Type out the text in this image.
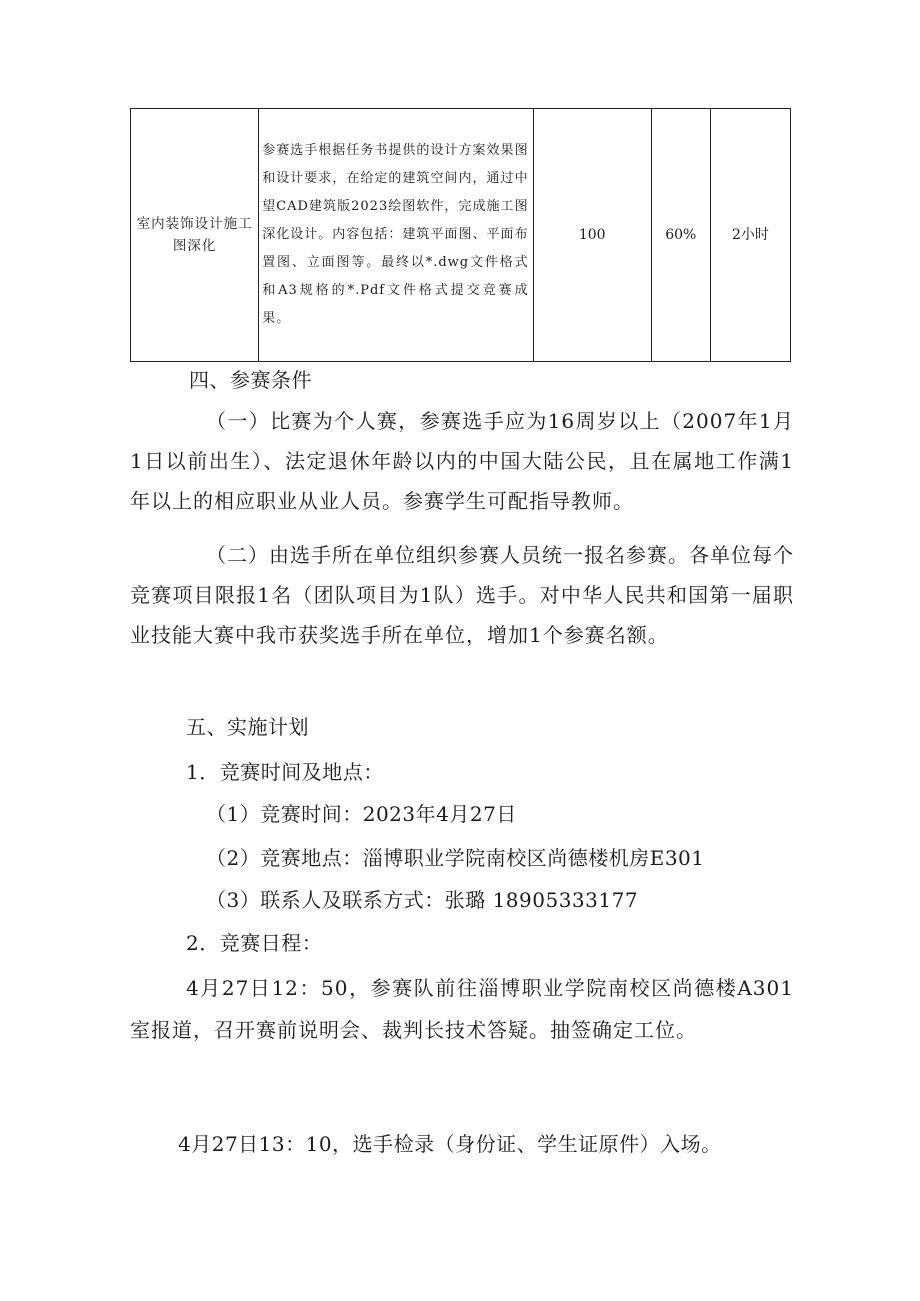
室内装饰设计施工图深化	参赛选手根据任务书提供的设计方案效果图和设计要求，在给定的建筑空间内，通过中望CAD建筑版2023绘图软件，完成施工图深化设计。内容包括：建筑平面图、平面布置图、立面图等。最终以*.dwg文件格式和A3规格的*.Pdf文件格式提交竞赛成果。	100	60%	2小时
四、参赛条件
（一）比赛为个人赛，参赛选手应为16周岁以上（2007年1月1日以前出生）、法定退休年龄以内的中国大陆公民，且在属地工作满1年以上的相应职业从业人员。参赛学生可配指导教师。
（二）由选手所在单位组织参赛人员统一报名参赛。各单位每个竞赛项目限报1名（团队项目为1队）选手。对中华人民共和国第一届职业技能大赛中我市获奖选手所在单位，增加1个参赛名额。
五、实施计划
1．竞赛时间及地点：
（1）竞赛时间：2023年4月27日
（2）竞赛地点：淄博职业学院南校区尚德楼机房E301
（3）联系人及联系方式：张璐 18905333177
2．竞赛日程：
4月27日12：50，参赛队前往淄博职业学院南校区尚德楼A301室报道，召开赛前说明会、裁判长技术答疑。抽签确定工位。
4月27日13：10，选手检录（身份证、学生证原件）入场。
